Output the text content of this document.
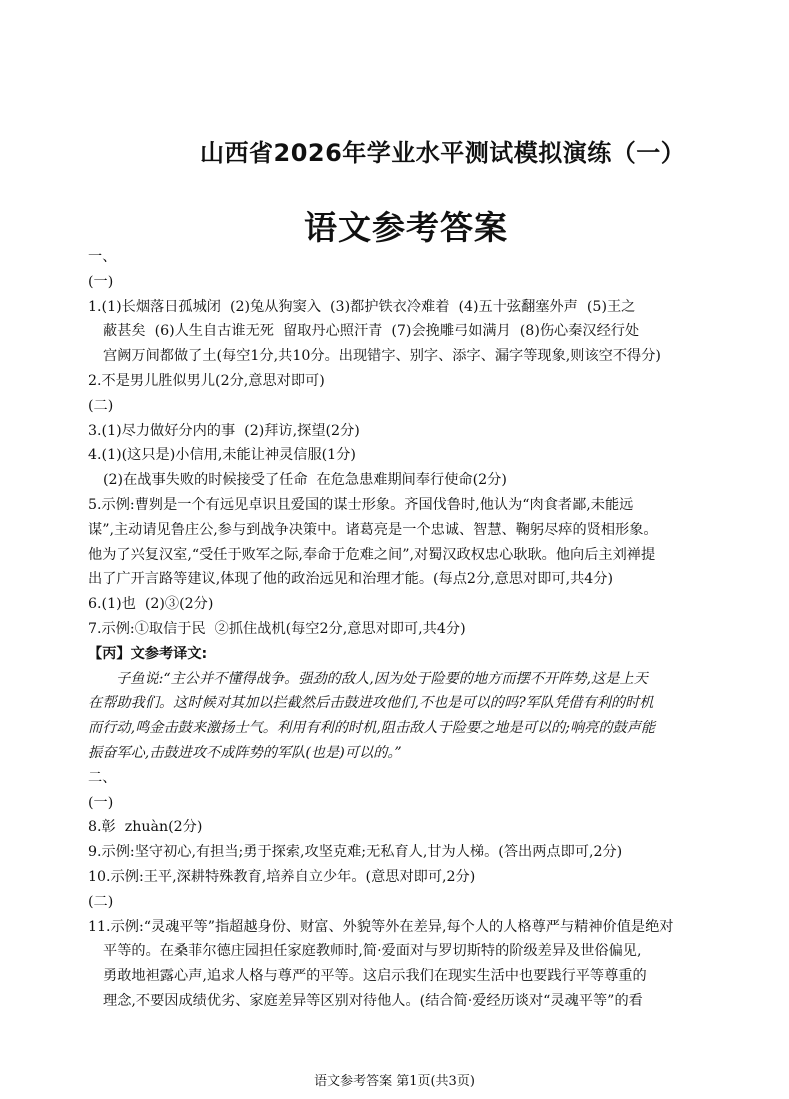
山西省2026年学业水平测试模拟演练（一）
语文参考答案
一、
(一)
1.(1)长烟落日孤城闭  (2)兔从狗窦入  (3)都护铁衣冷难着  (4)五十弦翻塞外声  (5)王之
蔽甚矣  (6)人生自古谁无死  留取丹心照汗青  (7)会挽雕弓如满月  (8)伤心秦汉经行处
宫阙万间都做了土(每空1分,共10分。出现错字、别字、添字、漏字等现象,则该空不得分)
2.不是男儿胜似男儿(2分,意思对即可)
(二)
3.(1)尽力做好分内的事  (2)拜访,探望(2分)
4.(1)(这只是)小信用,未能让神灵信服(1分)
(2)在战事失败的时候接受了任命  在危急患难期间奉行使命(2分)
5.示例:曹刿是一个有远见卓识且爱国的谋士形象。齐国伐鲁时,他认为“肉食者鄙,未能远
谋”,主动请见鲁庄公,参与到战争决策中。诸葛亮是一个忠诚、智慧、鞠躬尽瘁的贤相形象。
他为了兴复汉室,“受任于败军之际,奉命于危难之间”,对蜀汉政权忠心耿耿。他向后主刘禅提
出了广开言路等建议,体现了他的政治远见和治理才能。(每点2分,意思对即可,共4分)
6.(1)也  (2)③(2分)
7.示例:①取信于民  ②抓住战机(每空2分,意思对即可,共4分)
【丙】文参考译文:
子鱼说:“主公并不懂得战争。强劲的敌人,因为处于险要的地方而摆不开阵势,这是上天
在帮助我们。这时候对其加以拦截然后击鼓进攻他们,不也是可以的吗?军队凭借有利的时机
而行动,鸣金击鼓来激扬士气。利用有利的时机,阻击敌人于险要之地是可以的;响亮的鼓声能
振奋军心,击鼓进攻不成阵势的军队(也是)可以的。”
二、
(一)
8.彰  zhuàn(2分)
9.示例:坚守初心,有担当;勇于探索,攻坚克难;无私育人,甘为人梯。(答出两点即可,2分)
10.示例:王平,深耕特殊教育,培养自立少年。(意思对即可,2分)
(二)
11.示例:“灵魂平等”指超越身份、财富、外貌等外在差异,每个人的人格尊严与精神价值是绝对
平等的。在桑菲尔德庄园担任家庭教师时,简·爱面对与罗切斯特的阶级差异及世俗偏见,
勇敢地袒露心声,追求人格与尊严的平等。这启示我们在现实生活中也要践行平等尊重的
理念,不要因成绩优劣、家庭差异等区别对待他人。(结合简·爱经历谈对“灵魂平等”的看
语文参考答案 第1页(共3页)
